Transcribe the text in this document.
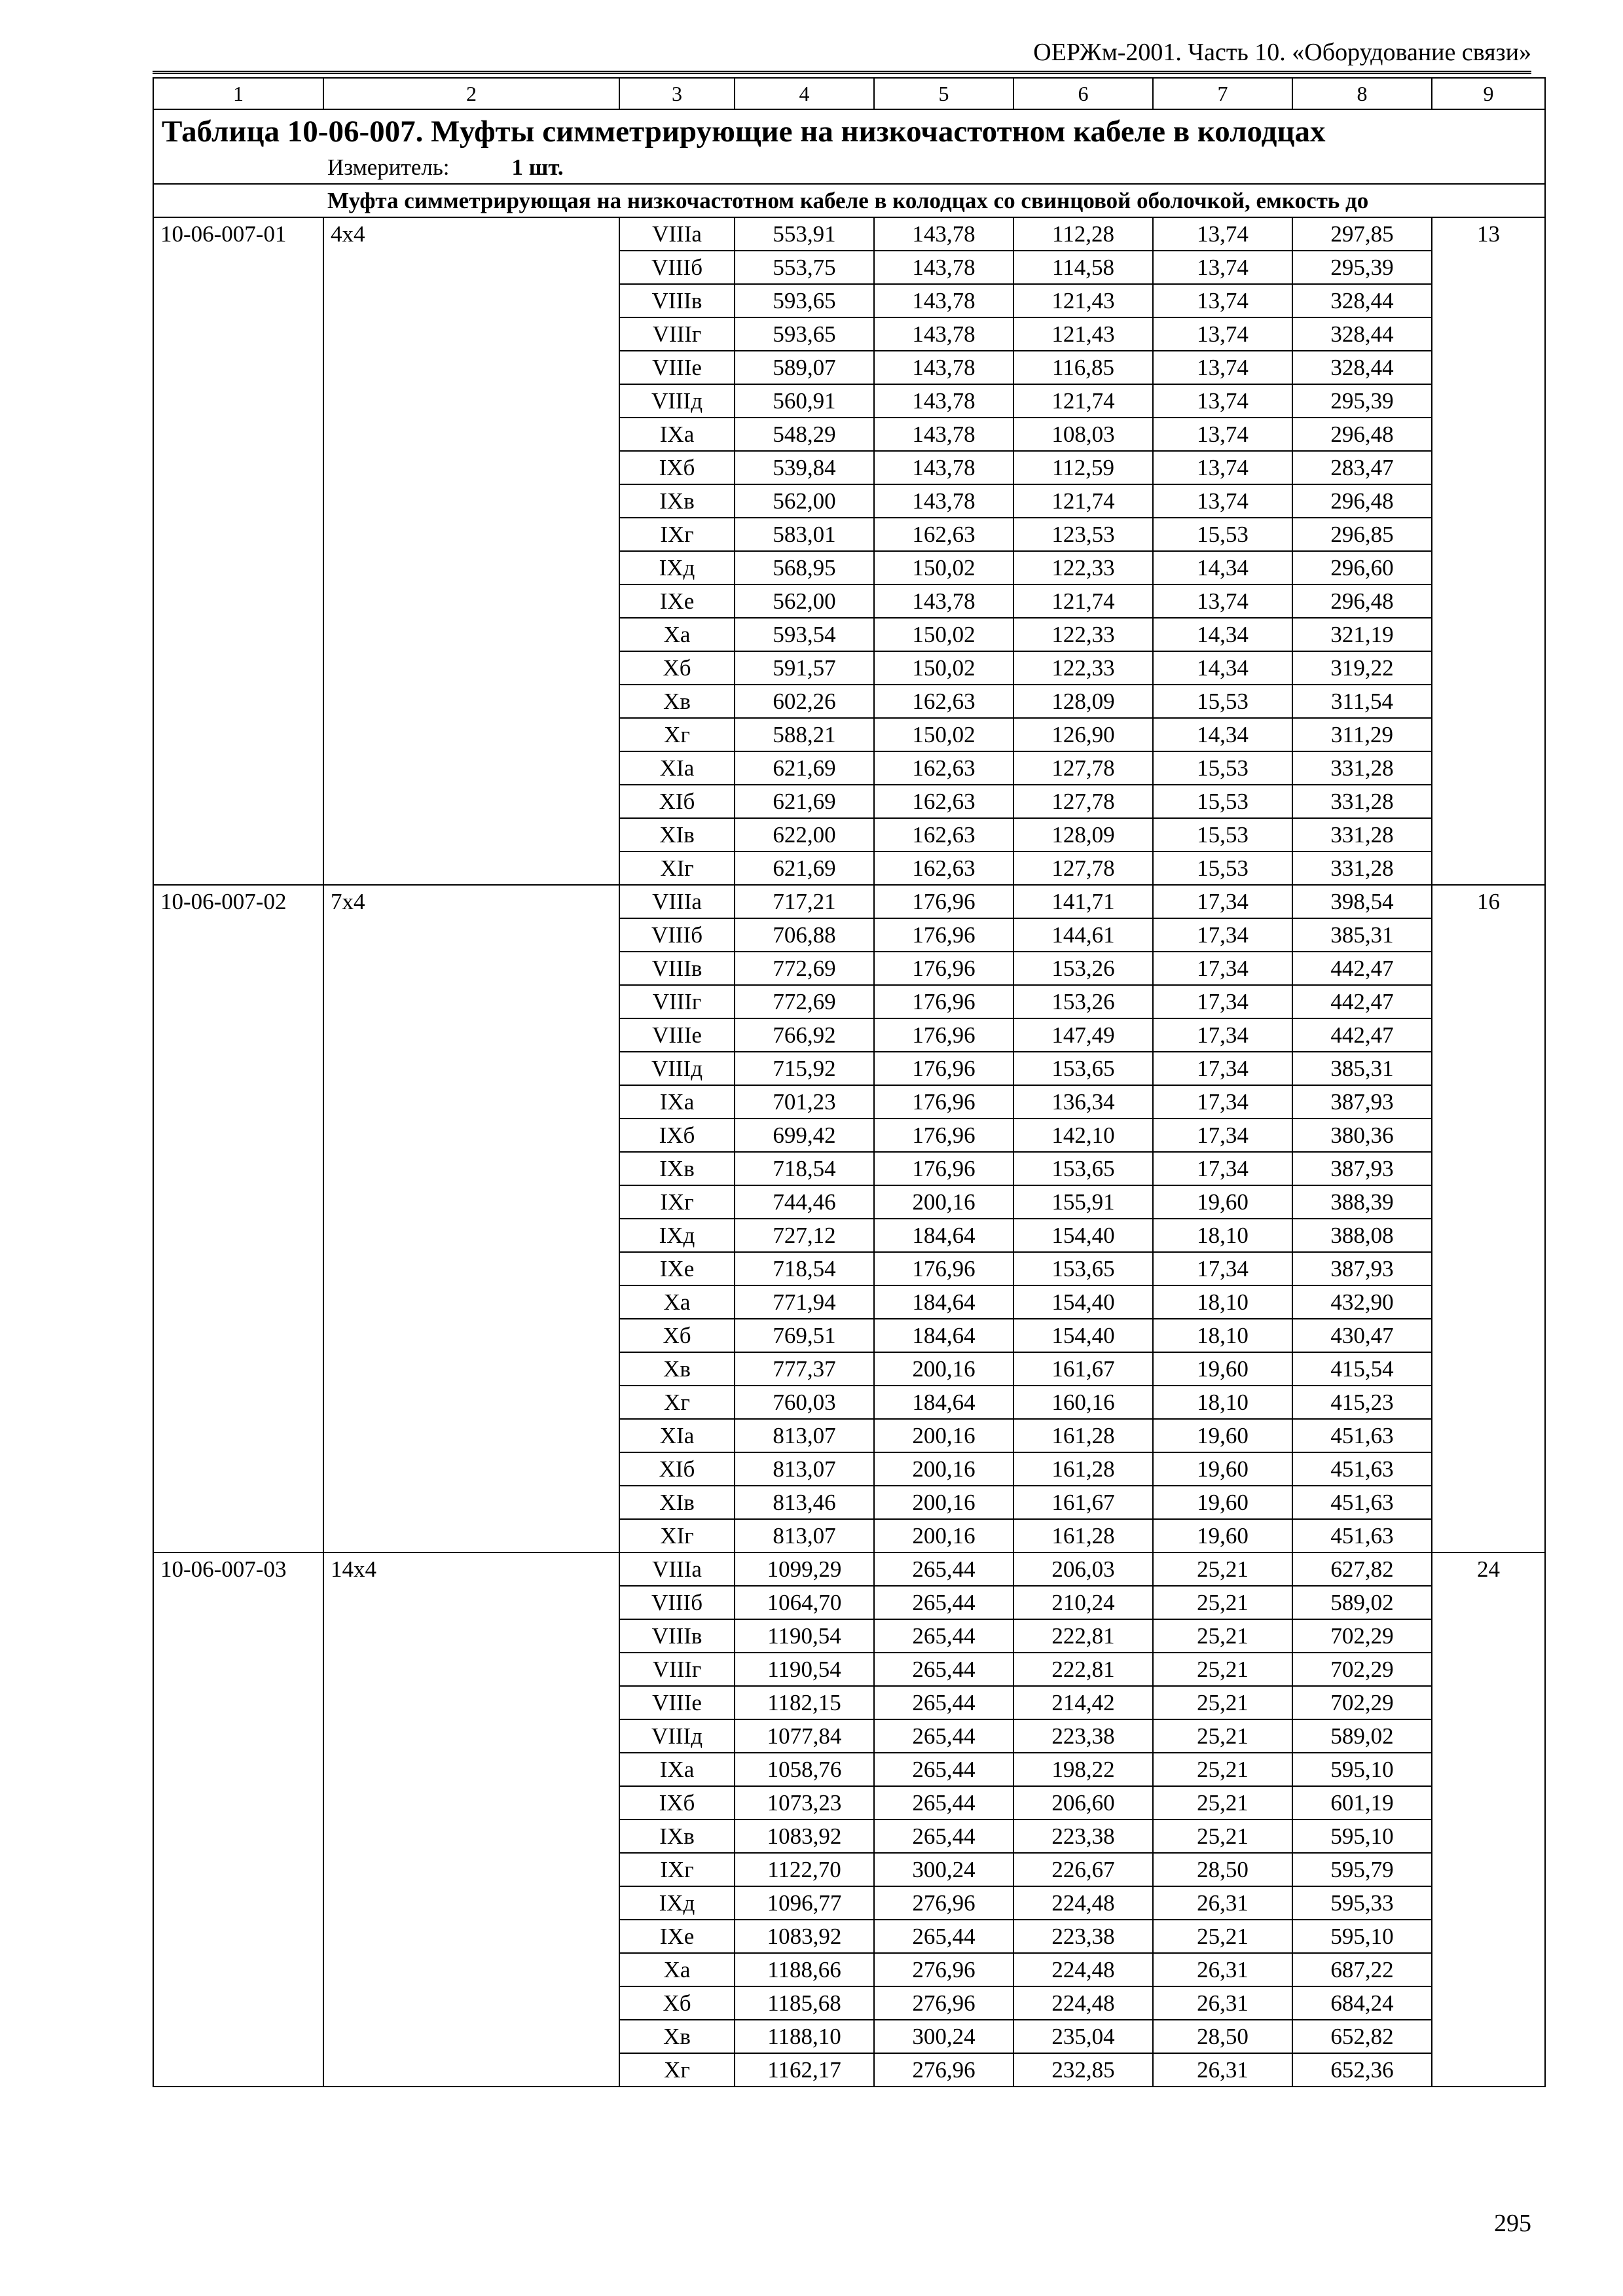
ОЕРЖм-2001. Часть 10. «Оборудование связи»
1	2	3	4	5	6	7	8	9

Таблица 10-06-007. Муфты симметрирующие на низкочастотном кабеле в колодцах
Измеритель: 1 шт.								

Муфта симметрирующая на низкочастотном кабеле в колодцах со свинцовой оболочкой, емкость до								
10-06-007-01	4х4	VIIIа	553,91	143,78	112,28	13,74	297,85	13
		VIIIб	553,75	143,78	114,58	13,74	295,39	
		VIIIв	593,65	143,78	121,43	13,74	328,44	
		VIIIг	593,65	143,78	121,43	13,74	328,44	
		VIIIе	589,07	143,78	116,85	13,74	328,44	
		VIIIд	560,91	143,78	121,74	13,74	295,39	
		IХа	548,29	143,78	108,03	13,74	296,48	
		IХб	539,84	143,78	112,59	13,74	283,47	
		IХв	562,00	143,78	121,74	13,74	296,48	
		IХг	583,01	162,63	123,53	15,53	296,85	
		IХд	568,95	150,02	122,33	14,34	296,60	
		IХе	562,00	143,78	121,74	13,74	296,48	
		Ха	593,54	150,02	122,33	14,34	321,19	
		Хб	591,57	150,02	122,33	14,34	319,22	
		Хв	602,26	162,63	128,09	15,53	311,54	
		Хг	588,21	150,02	126,90	14,34	311,29	
		ХIа	621,69	162,63	127,78	15,53	331,28	
		ХIб	621,69	162,63	127,78	15,53	331,28	
		ХIв	622,00	162,63	128,09	15,53	331,28	
		ХIг	621,69	162,63	127,78	15,53	331,28	
10-06-007-02	7х4	VIIIа	717,21	176,96	141,71	17,34	398,54	16
		VIIIб	706,88	176,96	144,61	17,34	385,31	
		VIIIв	772,69	176,96	153,26	17,34	442,47	
		VIIIг	772,69	176,96	153,26	17,34	442,47	
		VIIIе	766,92	176,96	147,49	17,34	442,47	
		VIIIд	715,92	176,96	153,65	17,34	385,31	
		IХа	701,23	176,96	136,34	17,34	387,93	
		IХб	699,42	176,96	142,10	17,34	380,36	
		IХв	718,54	176,96	153,65	17,34	387,93	
		IХг	744,46	200,16	155,91	19,60	388,39	
		IХд	727,12	184,64	154,40	18,10	388,08	
		IХе	718,54	176,96	153,65	17,34	387,93	
		Ха	771,94	184,64	154,40	18,10	432,90	
		Хб	769,51	184,64	154,40	18,10	430,47	
		Хв	777,37	200,16	161,67	19,60	415,54	
		Хг	760,03	184,64	160,16	18,10	415,23	
		ХIа	813,07	200,16	161,28	19,60	451,63	
		ХIб	813,07	200,16	161,28	19,60	451,63	
		ХIв	813,46	200,16	161,67	19,60	451,63	
		ХIг	813,07	200,16	161,28	19,60	451,63	
10-06-007-03	14х4	VIIIа	1099,29	265,44	206,03	25,21	627,82	24
		VIIIб	1064,70	265,44	210,24	25,21	589,02	
		VIIIв	1190,54	265,44	222,81	25,21	702,29	
		VIIIг	1190,54	265,44	222,81	25,21	702,29	
		VIIIе	1182,15	265,44	214,42	25,21	702,29	
		VIIIд	1077,84	265,44	223,38	25,21	589,02	
		IХа	1058,76	265,44	198,22	25,21	595,10	
		IХб	1073,23	265,44	206,60	25,21	601,19	
		IХв	1083,92	265,44	223,38	25,21	595,10	
		IХг	1122,70	300,24	226,67	28,50	595,79	
		IХд	1096,77	276,96	224,48	26,31	595,33	
		IХе	1083,92	265,44	223,38	25,21	595,10	
		Ха	1188,66	276,96	224,48	26,31	687,22	
		Хб	1185,68	276,96	224,48	26,31	684,24	
		Хв	1188,10	300,24	235,04	28,50	652,82	
		Хг	1162,17	276,96	232,85	26,31	652,36	
295
